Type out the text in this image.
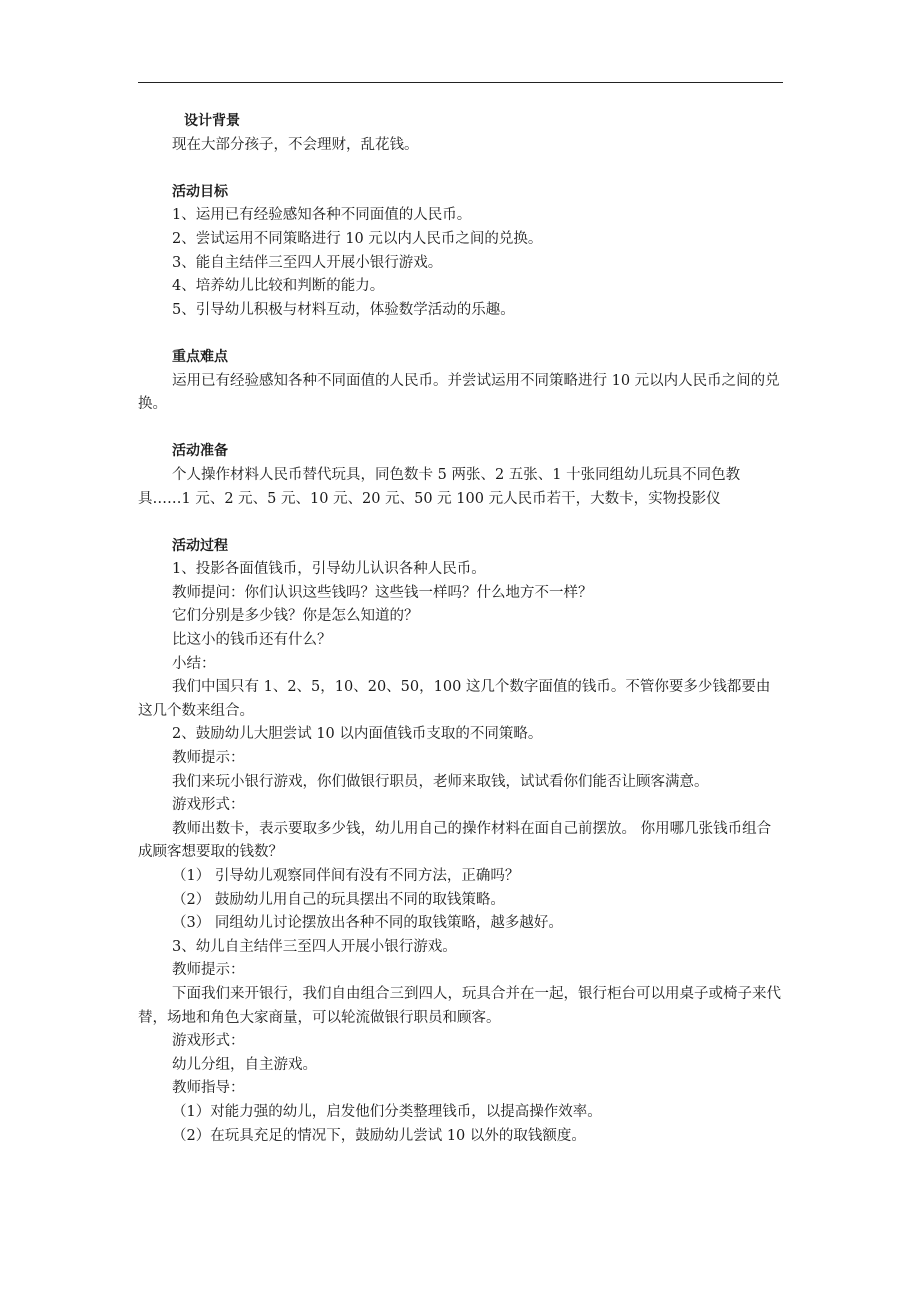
设计背景

现在大部分孩子，不会理财，乱花钱。

活动目标

1、运用已有经验感知各种不同面值的人民币。

2、尝试运用不同策略进行 10 元以内人民币之间的兑换。

3、能自主结伴三至四人开展小银行游戏。

4、培养幼儿比较和判断的能力。

5、引导幼儿积极与材料互动，体验数学活动的乐趣。

重点难点

运用已有经验感知各种不同面值的人民币。并尝试运用不同策略进行 10 元以内人民币之间的兑换。

活动准备

个人操作材料人民币替代玩具，同色数卡 5 两张、2 五张、1 十张同组幼儿玩具不同色教具……1 元、2 元、5 元、10 元、20 元、50 元 100 元人民币若干，大数卡，实物投影仪

活动过程

1、投影各面值钱币，引导幼儿认识各种人民币。

教师提问：你们认识这些钱吗？这些钱一样吗？什么地方不一样？

它们分别是多少钱？你是怎么知道的？

比这小的钱币还有什么？

小结：

我们中国只有 1、2、5，10、20、50，100 这几个数字面值的钱币。不管你要多少钱都要由这几个数来组合。

2、鼓励幼儿大胆尝试 10 以内面值钱币支取的不同策略。

教师提示：

我们来玩小银行游戏，你们做银行职员，老师来取钱，试试看你们能否让顾客满意。

游戏形式：

教师出数卡，表示要取多少钱，幼儿用自己的操作材料在面自己前摆放。 你用哪几张钱币组合成顾客想要取的钱数？

（1） 引导幼儿观察同伴间有没有不同方法，正确吗？

（2） 鼓励幼儿用自己的玩具摆出不同的取钱策略。

（3） 同组幼儿讨论摆放出各种不同的取钱策略，越多越好。

3、幼儿自主结伴三至四人开展小银行游戏。

教师提示：

下面我们来开银行，我们自由组合三到四人，玩具合并在一起，银行柜台可以用桌子或椅子来代替，场地和角色大家商量，可以轮流做银行职员和顾客。

游戏形式：

幼儿分组，自主游戏。

教师指导：

（1）对能力强的幼儿，启发他们分类整理钱币，以提高操作效率。

（2）在玩具充足的情况下，鼓励幼儿尝试 10 以外的取钱额度。
